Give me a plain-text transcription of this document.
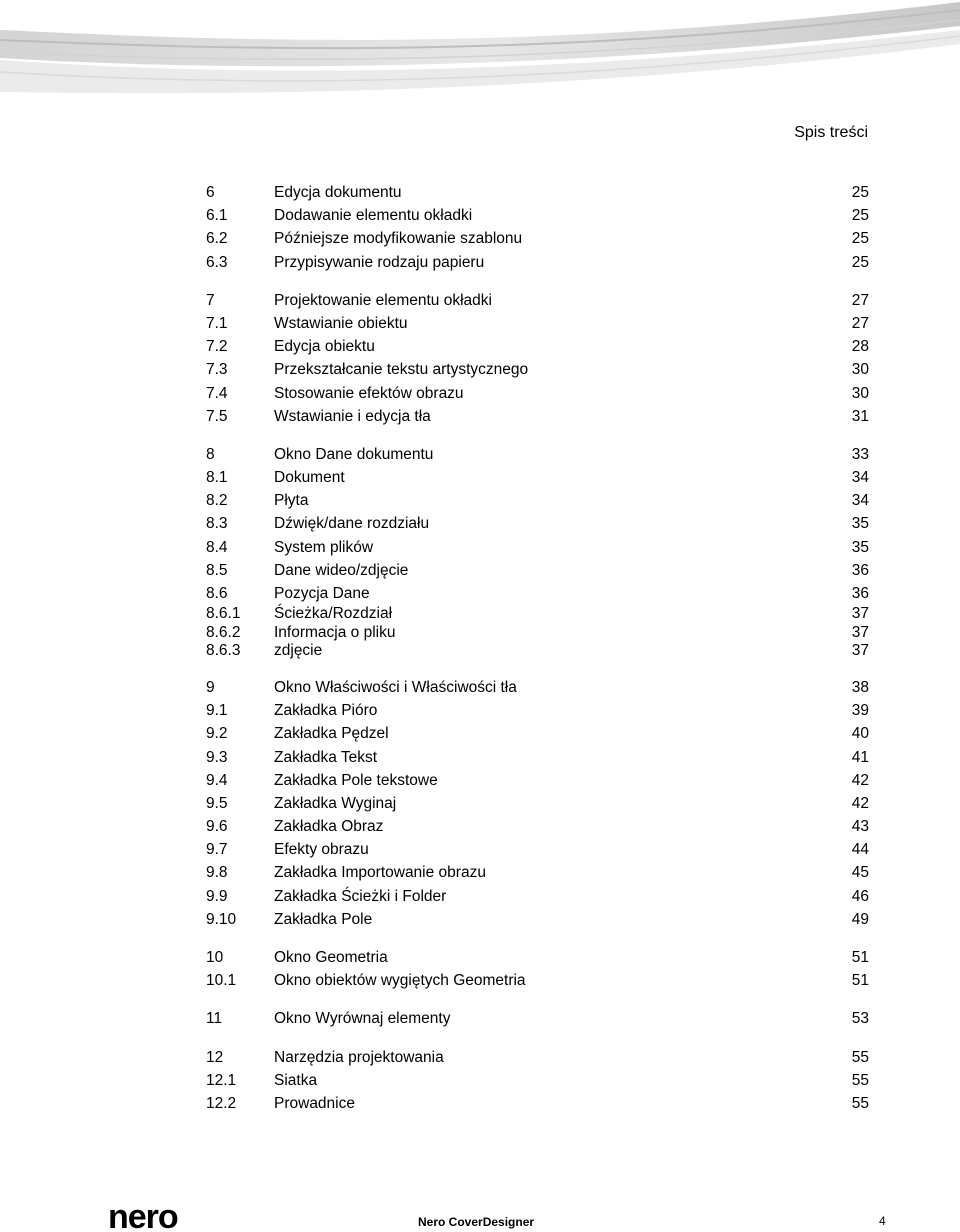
Spis treści
6	Edycja dokumentu	25
6.1	Dodawanie elementu okładki	25
6.2	Późniejsze modyfikowanie szablonu	25
6.3	Przypisywanie rodzaju papieru	25
7	Projektowanie elementu okładki	27
7.1	Wstawianie obiektu	27
7.2	Edycja obiektu	28
7.3	Przekształcanie tekstu artystycznego	30
7.4	Stosowanie efektów obrazu	30
7.5	Wstawianie i edycja tła	31
8	Okno Dane dokumentu	33
8.1	Dokument	34
8.2	Płyta	34
8.3	Dźwięk/dane rozdziału	35
8.4	System plików	35
8.5	Dane wideo/zdjęcie	36
8.6	Pozycja Dane	36
8.6.1 Ścieżka/Rozdział	37
8.6.2 Informacja o pliku	37
8.6.3 zdjęcie	37
9	Okno Właściwości i Właściwości tła	38
9.1	Zakładka Pióro	39
9.2	Zakładka Pędzel	40
9.3	Zakładka Tekst	41
9.4	Zakładka Pole tekstowe	42
9.5	Zakładka Wyginaj	42
9.6	Zakładka Obraz	43
9.7	Efekty obrazu	44
9.8	Zakładka Importowanie obrazu	45
9.9	Zakładka Ścieżki i Folder	46
9.10 Zakładka Pole	49
10	Okno Geometria	51
10.1 Okno obiektów wygiętych Geometria	51
11	Okno Wyrównaj elementy	53
12	Narzędzia projektowania	55
12.1 Siatka	55
12.2 Prowadnice	55
nero	Nero CoverDesigner	4
